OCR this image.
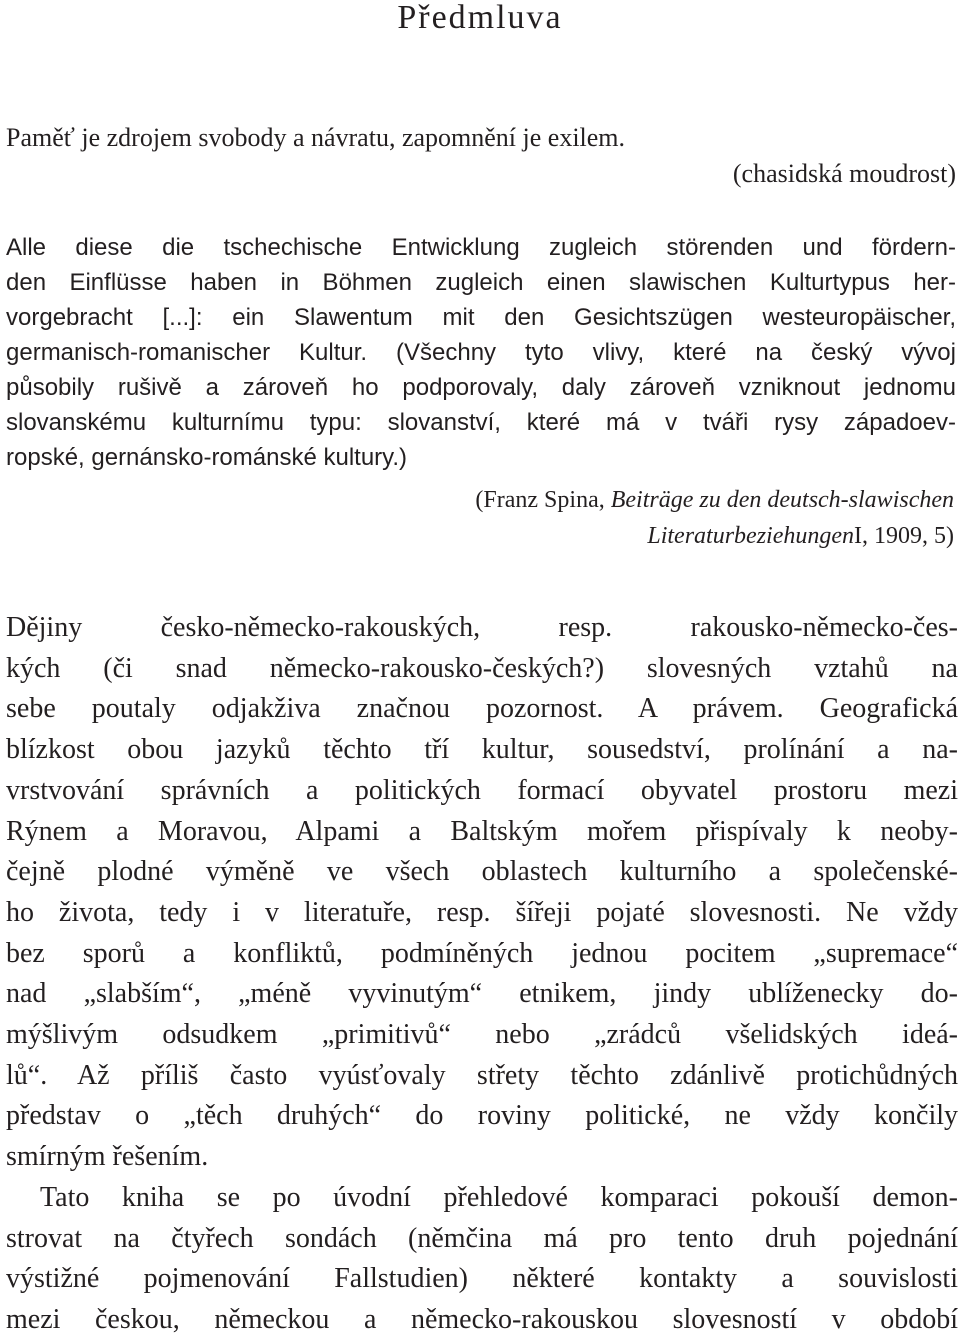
Předmluva
Paměť je zdrojem svobody a návratu, zapomnění je exilem.
(chasidská moudrost)
Alle diese die tschechische Entwicklung zugleich störenden und fördern-
den Einflüsse haben in Böhmen zugleich einen slawischen Kulturtypus her-
vorgebracht [...]: ein Slawentum mit den Gesichtszügen westeuropäischer,
germanisch-romanischer Kultur. (Všechny tyto vlivy, které na český vývoj
působily rušivě a zároveň ho podporovaly, daly zároveň vzniknout jednomu
slovanskému kulturnímu typu: slovanství, které má v tváři rysy západoev-
ropské, gernánsko-románské kultury.)
(Franz Spina, Beiträge zu den deutsch-slawischen
LiteraturbeziehungenI, 1909, 5)
Dějiny česko-německo-rakouských, resp. rakousko-německo-čes-
kých (či snad německo-rakousko-českých?) slovesných vztahů na
sebe poutaly odjakživa značnou pozornost. A právem. Geografická
blízkost obou jazyků těchto tří kultur, sousedství, prolínání a na-
vrstvování správních a politických formací obyvatel prostoru mezi
Rýnem a Moravou, Alpami a Baltským mořem přispívaly k neoby-
čejně plodné výměně ve všech oblastech kulturního a společenské-
ho života, tedy i v literatuře, resp. šířeji pojaté slovesnosti. Ne vždy
bez sporů a konfliktů, podmíněných jednou pocitem „supremace“
nad „slabším“, „méně vyvinutým“ etnikem, jindy ublíženecky do-
mýšlivým odsudkem „primitivů“ nebo „zrádců všelidských ideá-
lů“. Až příliš často vyúsťovaly střety těchto zdánlivě protichůdných
představ o „těch druhých“ do roviny politické, ne vždy končily
smírným řešením.
Tato kniha se po úvodní přehledové komparaci pokouší demon-
strovat na čtyřech sondách (němčina má pro tento druh pojednání
výstižné pojmenování Fallstudien) některé kontakty a souvislosti
mezi českou, německou a německo-rakouskou slovesností v období
